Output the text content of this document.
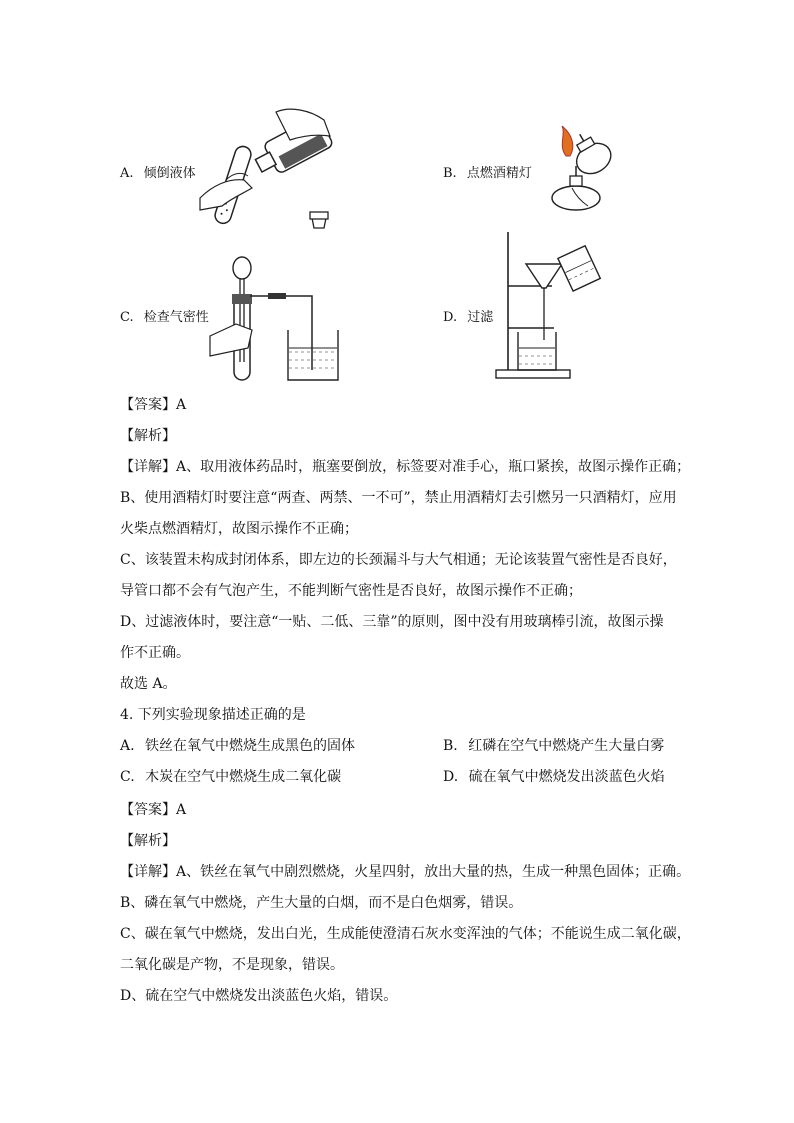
A. 倾倒液体	B. 点燃酒精灯
C. 检查气密性	D. 过滤
【答案】A
【解析】
【详解】A、取用液体药品时，瓶塞要倒放，标签要对准手心，瓶口紧挨，故图示操作正确；
B、使用酒精灯时要注意“两查、两禁、一不可”，禁止用酒精灯去引燃另一只酒精灯，应用
火柴点燃酒精灯，故图示操作不正确；
C、该装置未构成封闭体系，即左边的长颈漏斗与大气相通；无论该装置气密性是否良好，
导管口都不会有气泡产生，不能判断气密性是否良好，故图示操作不正确；
D、过滤液体时，要注意“一贴、二低、三靠”的原则，图中没有用玻璃棒引流，故图示操
作不正确。
故选 A。
4. 下列实验现象描述正确的是
A. 铁丝在氧气中燃烧生成黑色的固体	B. 红磷在空气中燃烧产生大量白雾
C. 木炭在空气中燃烧生成二氧化碳	D. 硫在氧气中燃烧发出淡蓝色火焰
【答案】A
【解析】
【详解】A、铁丝在氧气中剧烈燃烧，火星四射，放出大量的热，生成一种黑色固体；正确。
B、磷在氧气中燃烧，产生大量的白烟，而不是白色烟雾，错误。
C、碳在氧气中燃烧，发出白光，生成能使澄清石灰水变浑浊的气体；不能说生成二氧化碳，
二氧化碳是产物，不是现象，错误。
D、硫在空气中燃烧发出淡蓝色火焰，错误。
